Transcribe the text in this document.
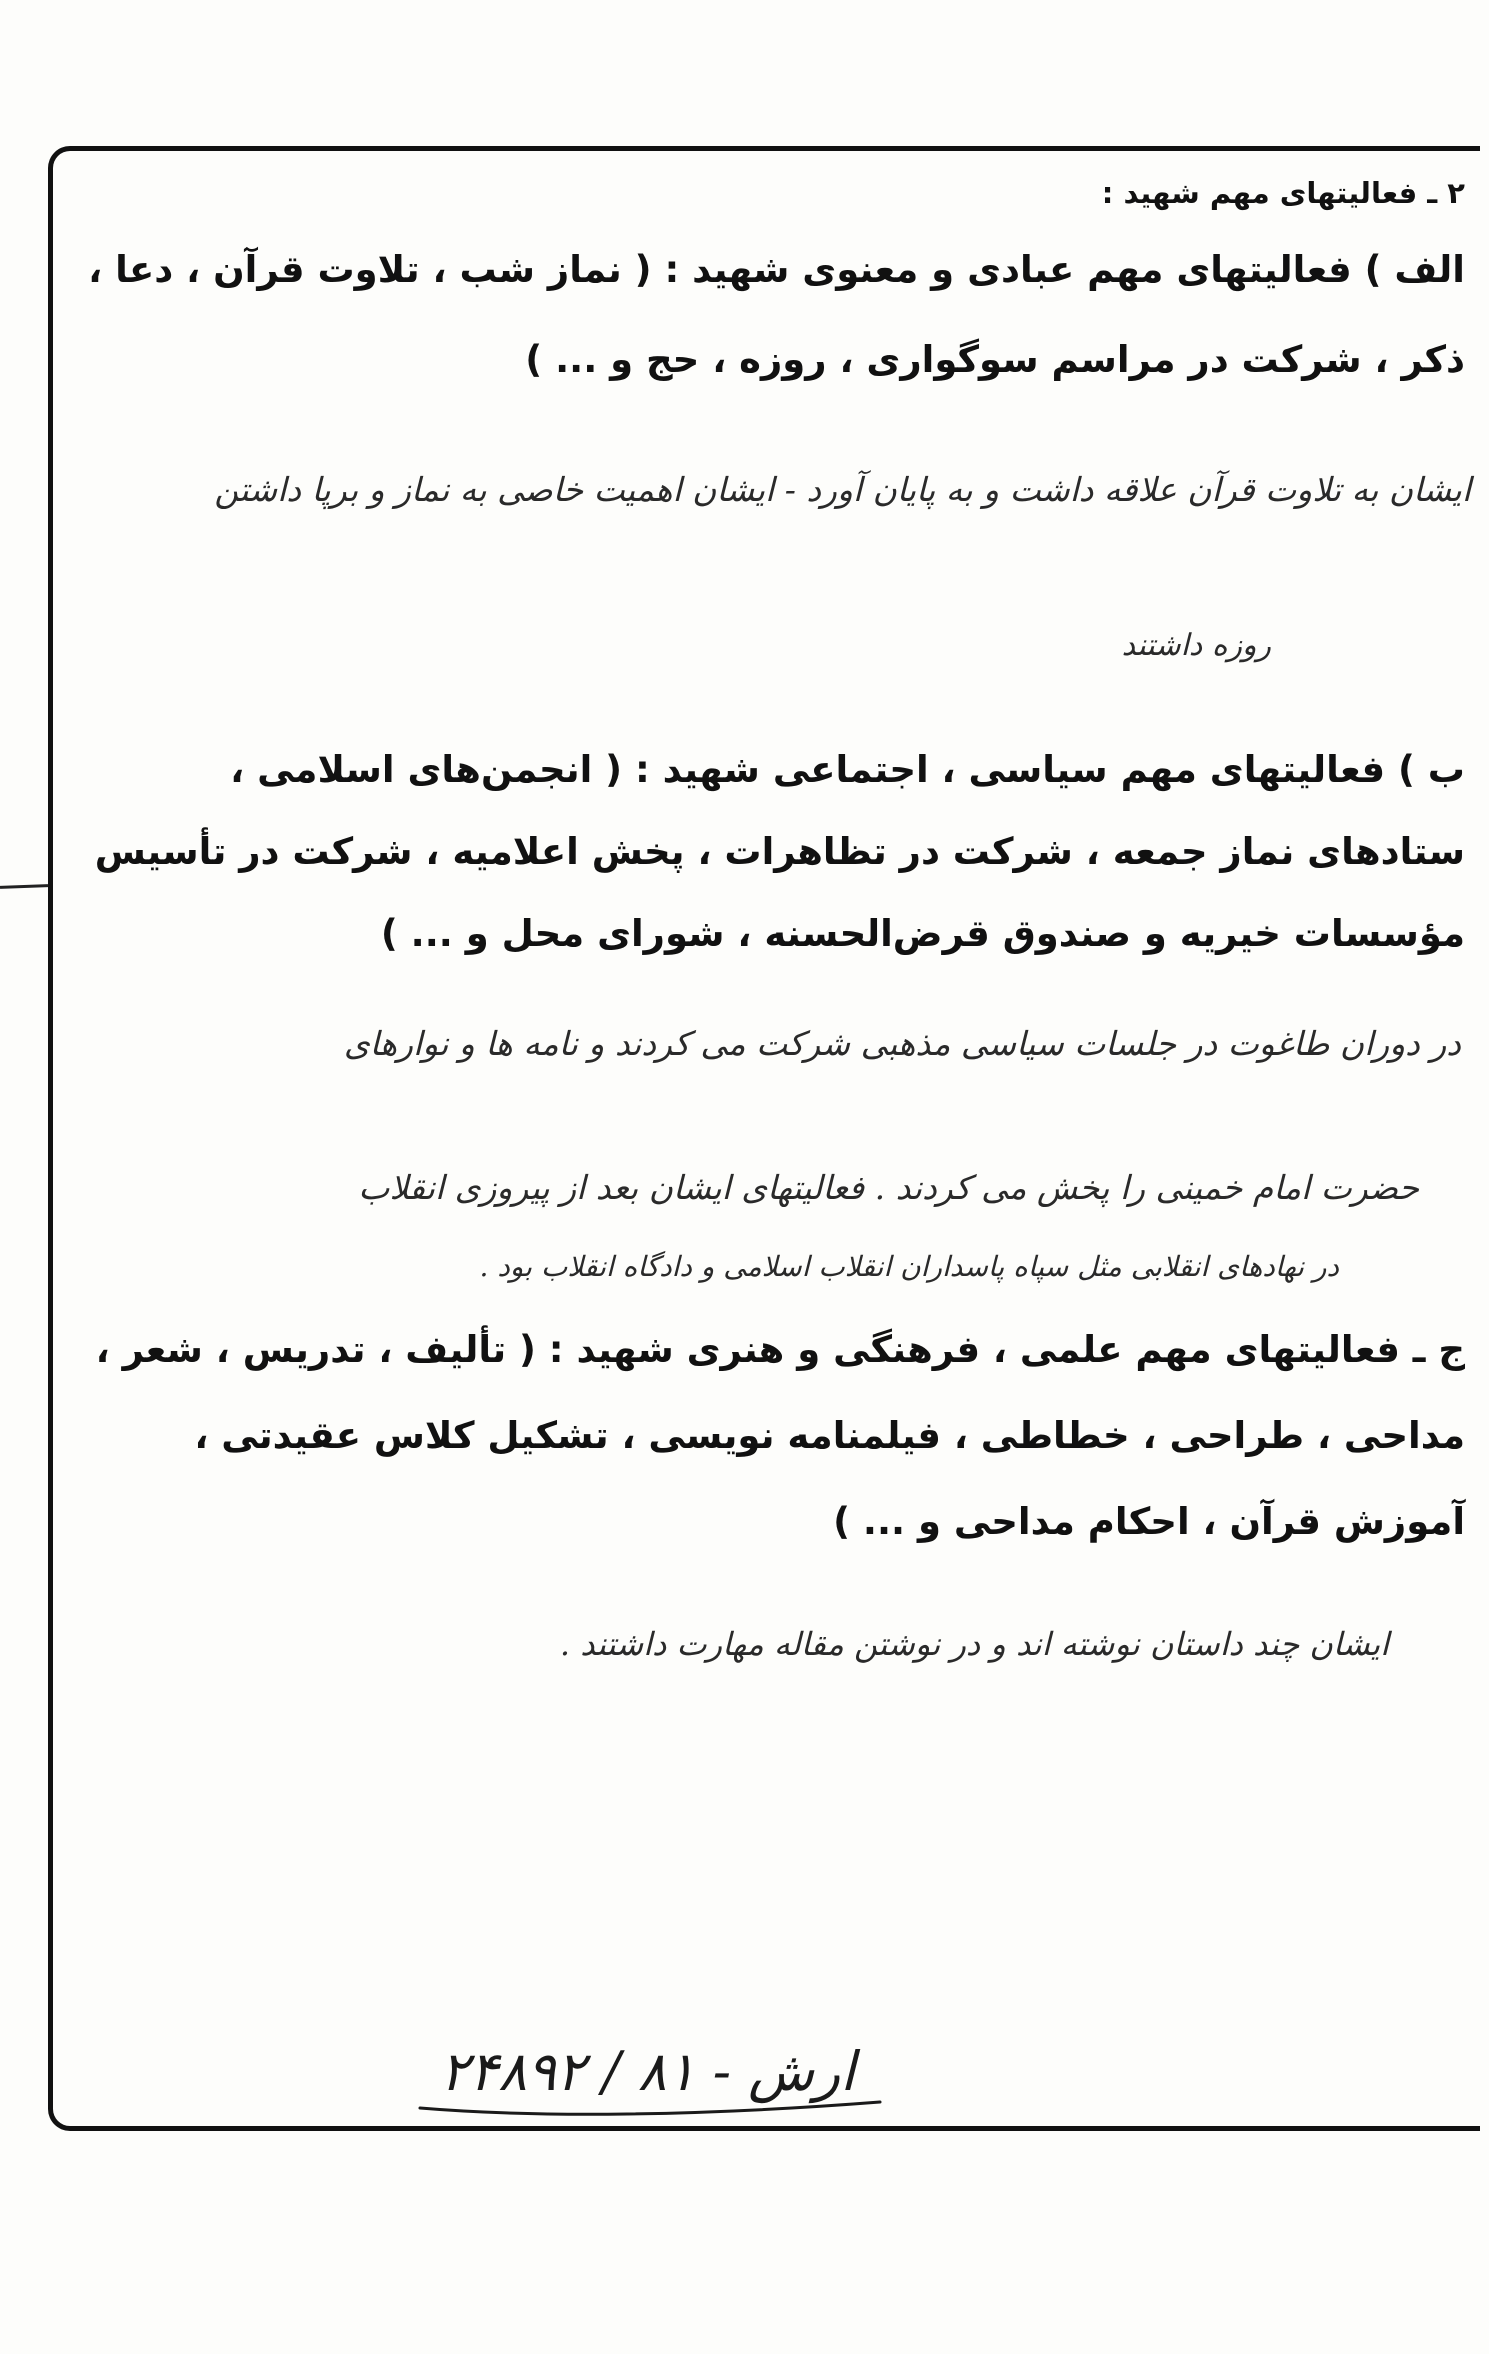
۲ ـ فعالیتهای مهم شهید :
الف ) فعالیتهای مهم عبادی و معنوی شهید : ( نماز شب ، تلاوت قرآن ، دعا ،
ذکر ، شرکت در مراسم سوگواری ، روزه ، حج و ... )
ایشان به تلاوت قرآن علاقه داشت و به پایان آورد - ایشان اهمیت خاصی به نماز و برپا داشتن
روزه داشتند
ب ) فعالیتهای مهم سیاسی ، اجتماعی شهید : ( انجمن‌های اسلامی ،
ستادهای نماز جمعه ، شرکت در تظاهرات ، پخش اعلامیه ، شرکت در تأسیس
مؤسسات خیریه و صندوق قرض‌الحسنه ، شورای محل و ... )
در دوران طاغوت در جلسات سیاسی مذهبی شرکت می کردند و نامه ها و نوارهای
حضرت امام خمینی را پخش می کردند . فعالیتهای ایشان بعد از پیروزی انقلاب
در نهادهای انقلابی مثل سپاه پاسداران انقلاب اسلامی و دادگاه انقلاب بود .
ج ـ فعالیتهای مهم علمی ، فرهنگی و هنری شهید : ( تألیف ، تدریس ، شعر ،
مداحی ، طراحی ، خطاطی ، فیلمنامه نویسی ، تشکیل کلاس عقیدتی ،
آموزش قرآن ، احکام مداحی و ... )
ایشان چند داستان نوشته اند و در نوشتن مقاله مهارت داشتند .
ارش - ۸۱ / ۲۴۸۹۲
